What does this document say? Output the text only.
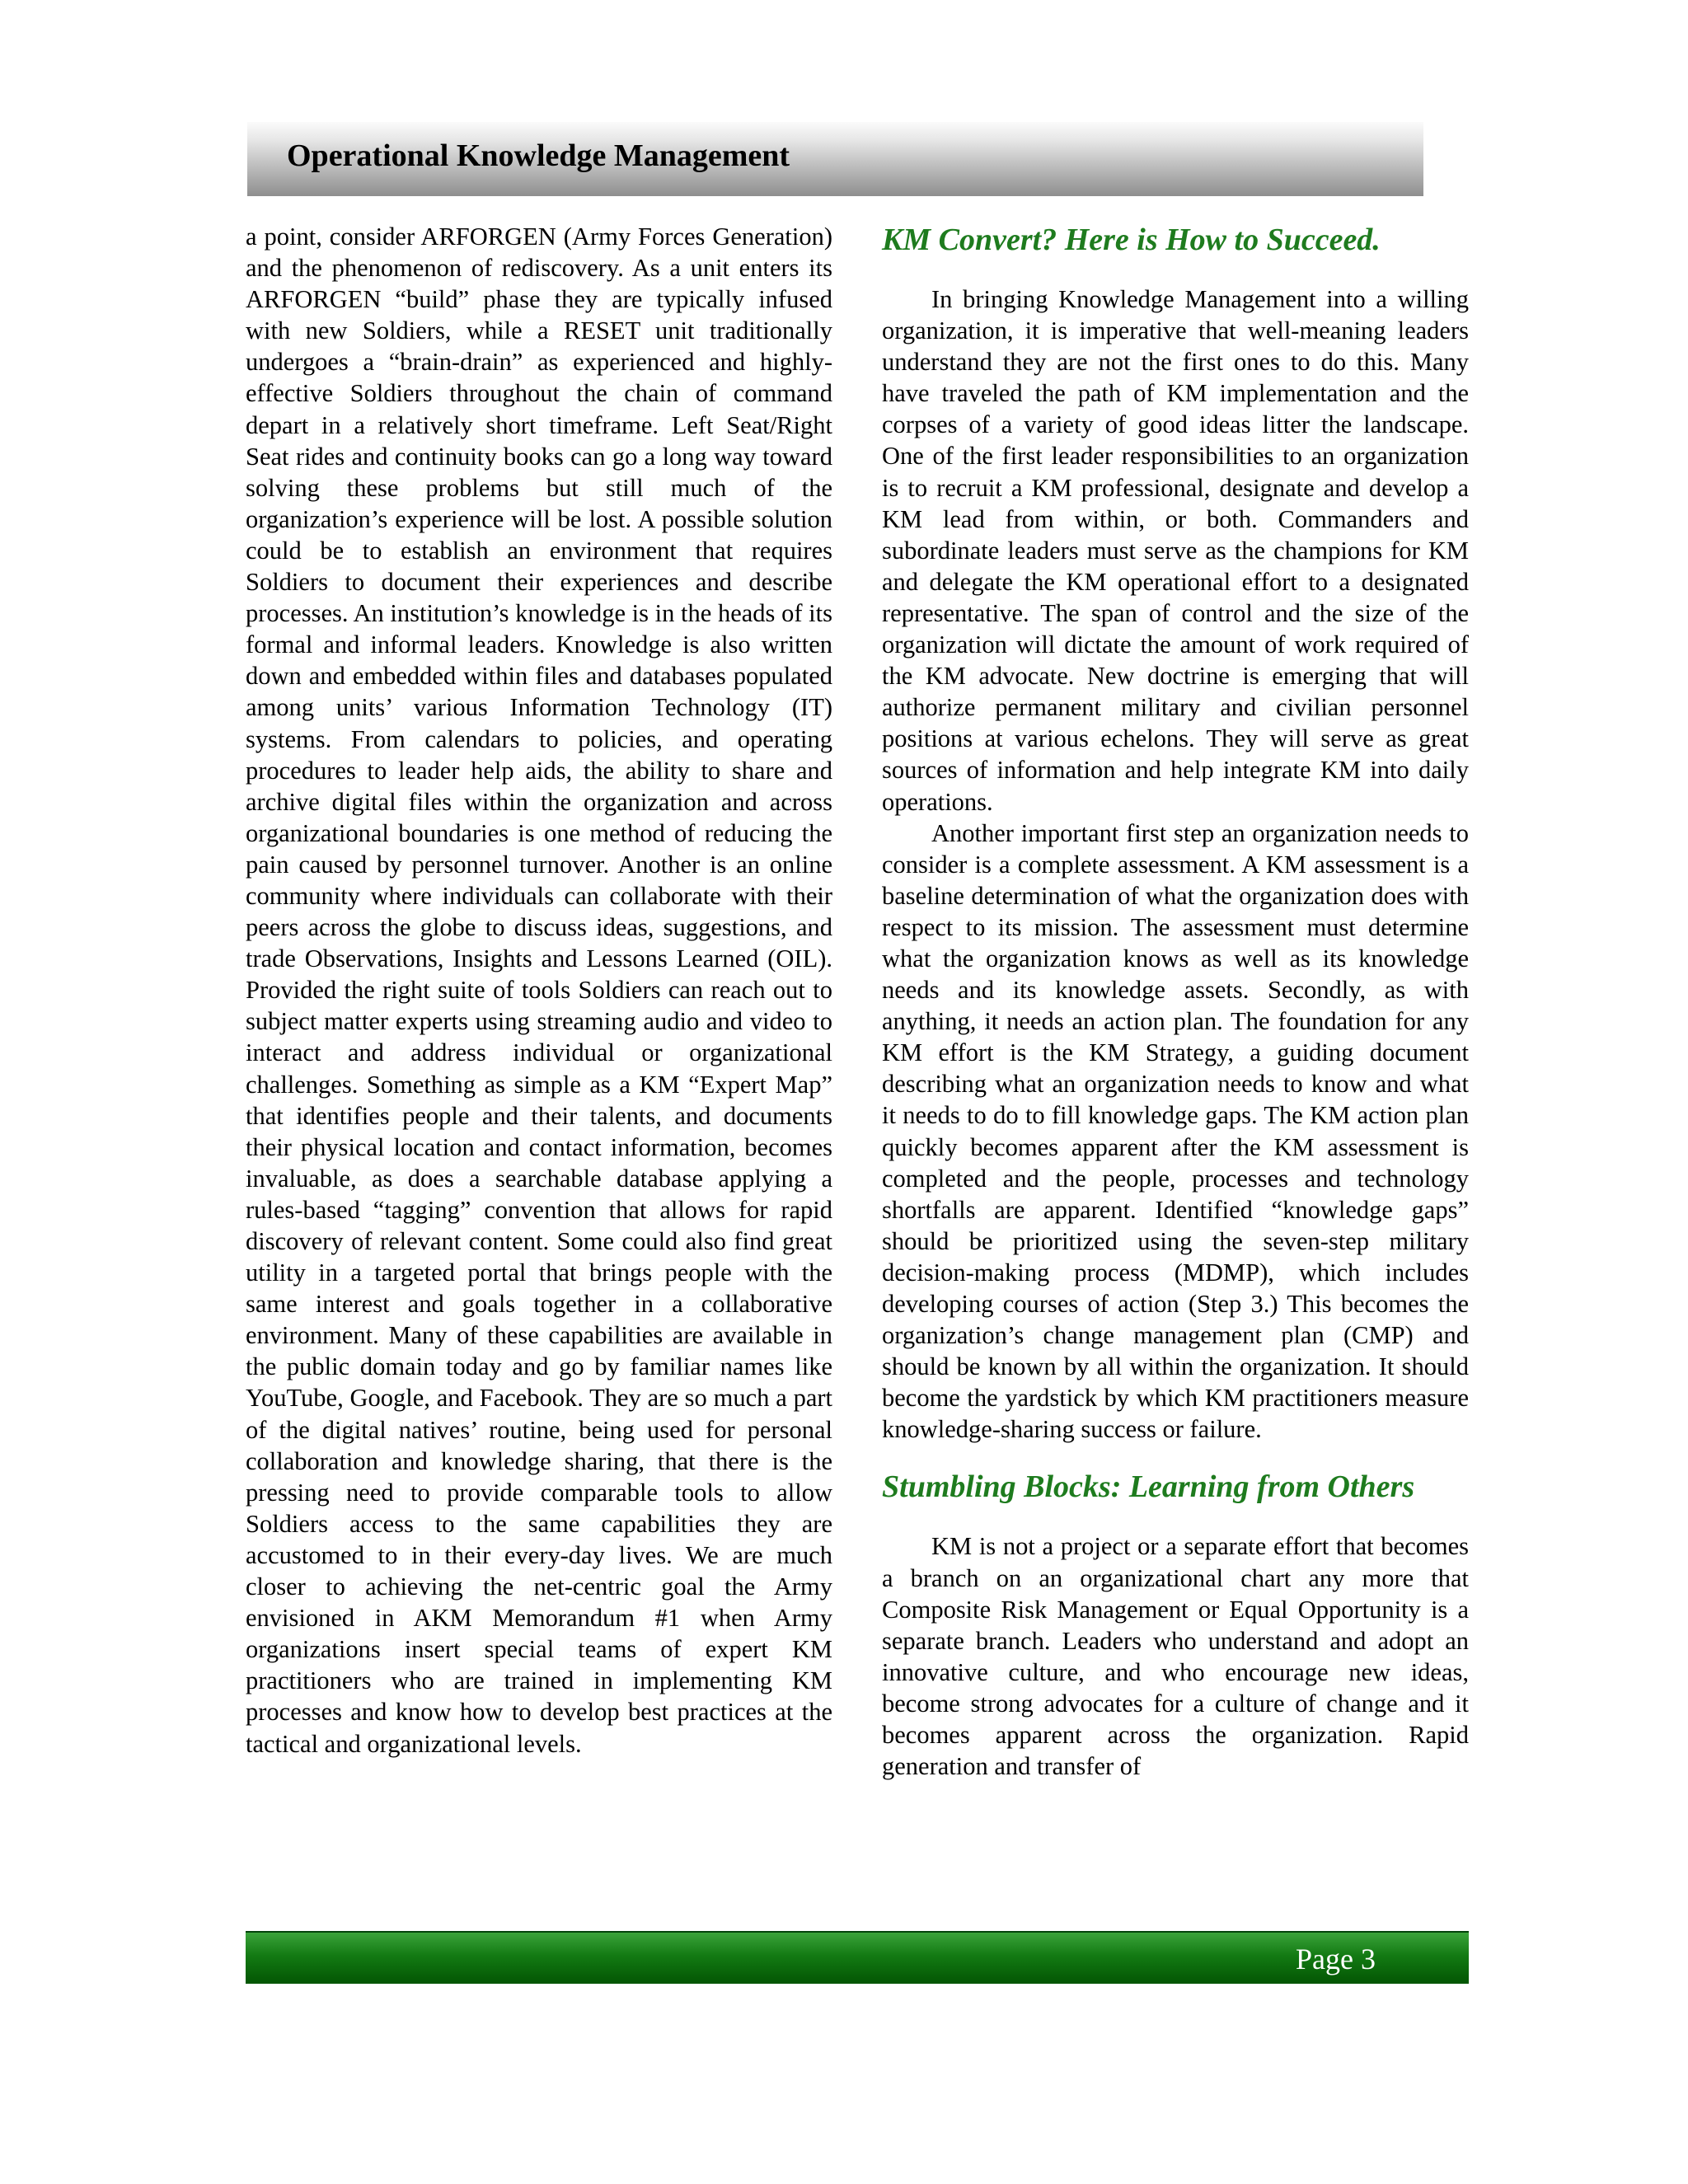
Operational Knowledge Management

a point, consider ARFORGEN (Army Forces Generation) and the phenomenon of rediscovery. As a unit enters its ARFORGEN “build” phase they are typically infused with new Soldiers, while a RESET unit traditionally undergoes a “brain-drain” as experienced and highly- effective Soldiers throughout the chain of command depart in a relatively short timeframe. Left Seat/Right Seat rides and continuity books can go a long way toward solving these problems but still much of the organization’s experience will be lost. A possible solution could be to establish an environment that requires Soldiers to document their experiences and describe processes. An institution’s knowledge is in the heads of its formal and informal leaders. Knowledge is also written down and embedded within files and databases populated among units’ various Information Technology (IT) systems. From calendars to policies, and operating procedures to leader help aids, the ability to share and archive digital files within the organization and across organizational boundaries is one method of reducing the pain caused by personnel turnover. Another is an online community where individuals can collaborate with their peers across the globe to discuss ideas, suggestions, and trade Observations, Insights and Lessons Learned (OIL). Provided the right suite of tools Soldiers can reach out to subject matter experts using streaming audio and video to interact and address individual or organizational challenges. Something as simple as a KM “Expert Map” that identifies people and their talents, and documents their physical location and contact information, becomes invaluable, as does a searchable database applying a rules-based “tagging” convention that allows for rapid discovery of relevant content. Some could also find great utility in a targeted portal that brings people with the same interest and goals together in a collaborative environment. Many of these capabilities are available in the public domain today and go by familiar names like YouTube, Google, and Facebook. They are so much a part of the digital natives’ routine, being used for personal collaboration and knowledge sharing, that there is the pressing need to provide comparable tools to allow Soldiers access to the same capabilities they are accustomed to in their every-day lives. We are much closer to achieving the net-centric goal the Army envisioned in AKM Memorandum #1 when Army organizations insert special teams of expert KM practitioners who are trained in implementing KM processes and know how to develop best practices at the tactical and organizational levels.

KM Convert? Here is How to Succeed.

In bringing Knowledge Management into a willing organization, it is imperative that well-meaning leaders understand they are not the first ones to do this. Many have traveled the path of KM implementation and the corpses of a variety of good ideas litter the landscape. One of the first leader responsibilities to an organization is to recruit a KM professional, designate and develop a KM lead from within, or both. Commanders and subordinate leaders must serve as the champions for KM and delegate the KM operational effort to a designated representative. The span of control and the size of the organization will dictate the amount of work required of the KM advocate. New doctrine is emerging that will authorize permanent military and civilian personnel positions at various echelons. They will serve as great sources of information and help integrate KM into daily operations.

Another important first step an organization needs to consider is a complete assessment. A KM assessment is a baseline determination of what the organization does with respect to its mission. The assessment must determine what the organization knows as well as its knowledge needs and its knowledge assets. Secondly, as with anything, it needs an action plan. The foundation for any KM effort is the KM Strategy, a guiding document describing what an organization needs to know and what it needs to do to fill knowledge gaps. The KM action plan quickly becomes apparent after the KM assessment is completed and the people, processes and technology shortfalls are apparent. Identified “knowledge gaps” should be prioritized using the seven-step military decision-making process (MDMP), which includes developing courses of action (Step 3.) This becomes the organization’s change management plan (CMP) and should be known by all within the organization. It should become the yardstick by which KM practitioners measure knowledge-sharing success or failure.

Stumbling Blocks: Learning from Others

KM is not a project or a separate effort that becomes a branch on an organizational chart any more that Composite Risk Management or Equal Opportunity is a separate branch. Leaders who understand and adopt an innovative culture, and who encourage new ideas, become strong advocates for a culture of change and it becomes apparent across the organization. Rapid generation and transfer of

Page 3
